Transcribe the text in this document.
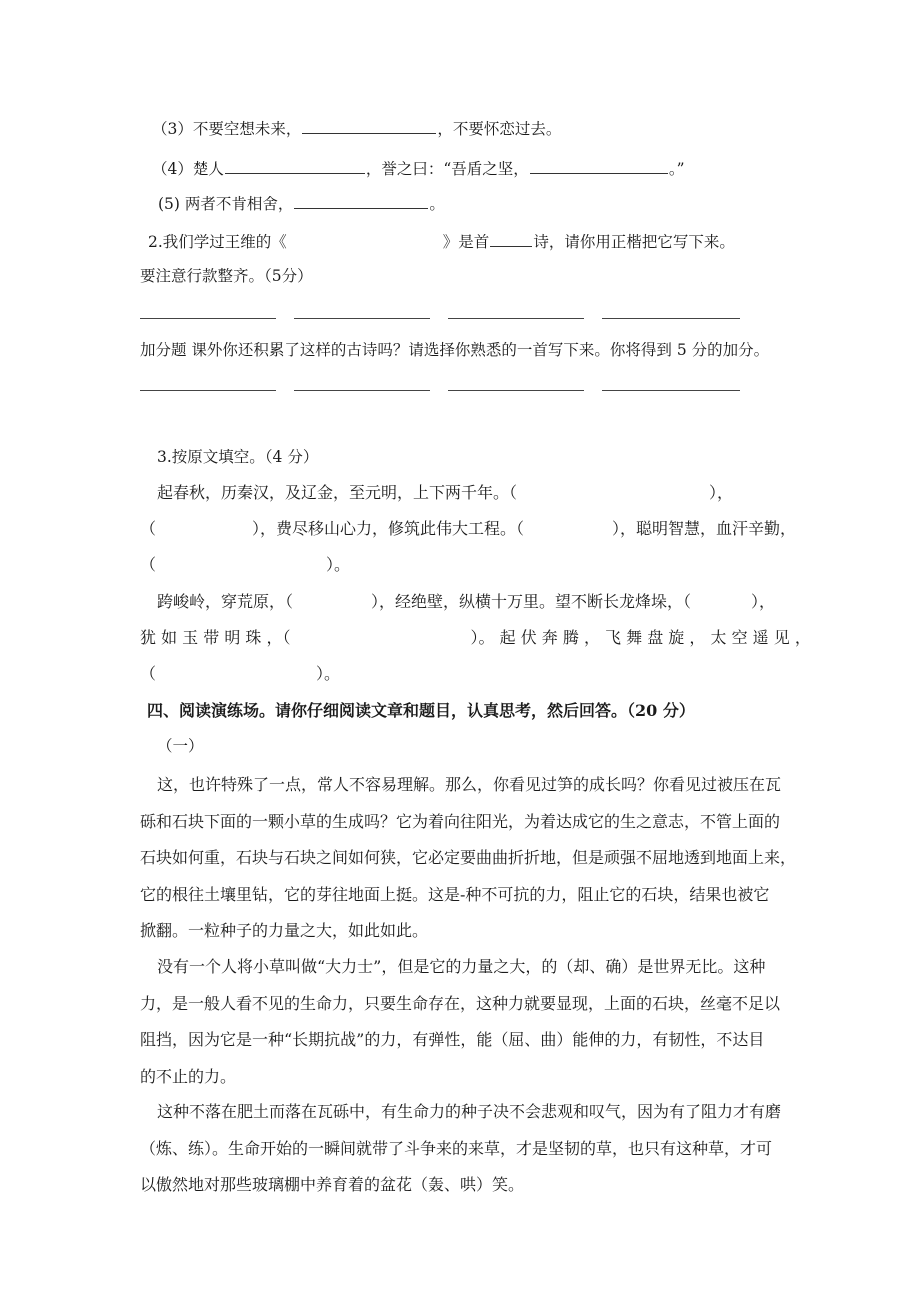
（3）不要空想未来，	，不要怀恋过去。
（4）楚人	，誉之曰：“吾盾之坚，	。”
(5) 两者不肯相舍，	。
2.我们学过王维的《	》是首	诗，请你用正楷把它写下来。
要注意行款整齐。（5分）
加分题 课外你还积累了这样的古诗吗？请选择你熟悉的一首写下来。你将得到 5 分的加分。
3.按原文填空。（4 分）
起春秋，历秦汉，及辽金，至元明，上下两千年。（	），
（	），费尽移山心力，修筑此伟大工程。（	），聪明智慧，血汗辛勤，
（	）。
跨峻岭，穿荒原，（	），经绝壁，纵横十万里。望不断长龙烽垛，（	），
犹 如 玉 带 明 珠 ，（	）。 起 伏 奔 腾 ， 飞 舞 盘 旋 ， 太 空 遥 见 ，
（	）。
四、阅读演练场。请你仔细阅读文章和题目，认真思考，然后回答。（20 分）
（一）
这，也许特殊了一点，常人不容易理解。那么，你看见过笋的成长吗？你看见过被压在瓦
砾和石块下面的一颗小草的生成吗？它为着向往阳光，为着达成它的生之意志，不管上面的
石块如何重，石块与石块之间如何狭，它必定要曲曲折折地，但是顽强不屈地透到地面上来，
它的根往土壤里钻，它的芽往地面上挺。这是-种不可抗的力，阻止它的石块，结果也被它
掀翻。一粒种子的力量之大，如此如此。
没有一个人将小草叫做“大力士”，但是它的力量之大，的（却、确）是世界无比。这种
力，是一般人看不见的生命力，只要生命存在，这种力就要显现，上面的石块，丝毫不足以
阻挡，因为它是一种“长期抗战”的力，有弹性，能（屈、曲）能伸的力，有韧性，不达目
的不止的力。
这种不落在肥土而落在瓦砾中，有生命力的种子决不会悲观和叹气，因为有了阻力才有磨
（炼、练）。生命开始的一瞬间就带了斗争来的来草，才是坚韧的草，也只有这种草，才可
以傲然地对那些玻璃棚中养育着的盆花（轰、哄）笑。
